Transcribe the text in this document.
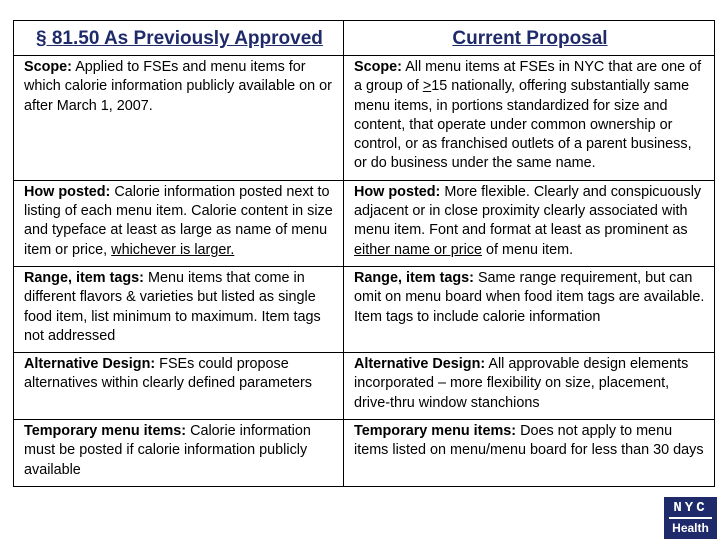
§ 81.50 As Previously Approved	Current Proposal
Scope: Applied to FSEs and menu items for which calorie information publicly available on or after March 1, 2007.	Scope: All menu items at FSEs in NYC that are one of a group of ≥15 nationally, offering substantially same menu items, in portions standardized for size and content, that operate under common ownership or control, or as franchised outlets of a parent business, or do business under the same name.
How posted: Calorie information posted next to listing of each menu item. Calorie content in size and typeface at least as large as name of menu item or price, whichever is larger.	How posted: More flexible. Clearly and conspicuously adjacent or in close proximity clearly associated with menu item. Font and format at least as prominent as either name or price of menu item.
Range, item tags: Menu items that come in different flavors & varieties but listed as single food item, list minimum to maximum. Item tags not addressed	Range, item tags: Same range requirement, but can omit on menu board when food item tags are available. Item tags to include calorie information
Alternative Design: FSEs could propose alternatives within clearly defined parameters	Alternative Design: All approvable design elements incorporated – more flexibility on size, placement, drive-thru window stanchions
Temporary menu items: Calorie information must be posted if calorie information publicly available	Temporary menu items: Does not apply to menu items listed on menu/menu board for less than 30 days
NYC
Health
